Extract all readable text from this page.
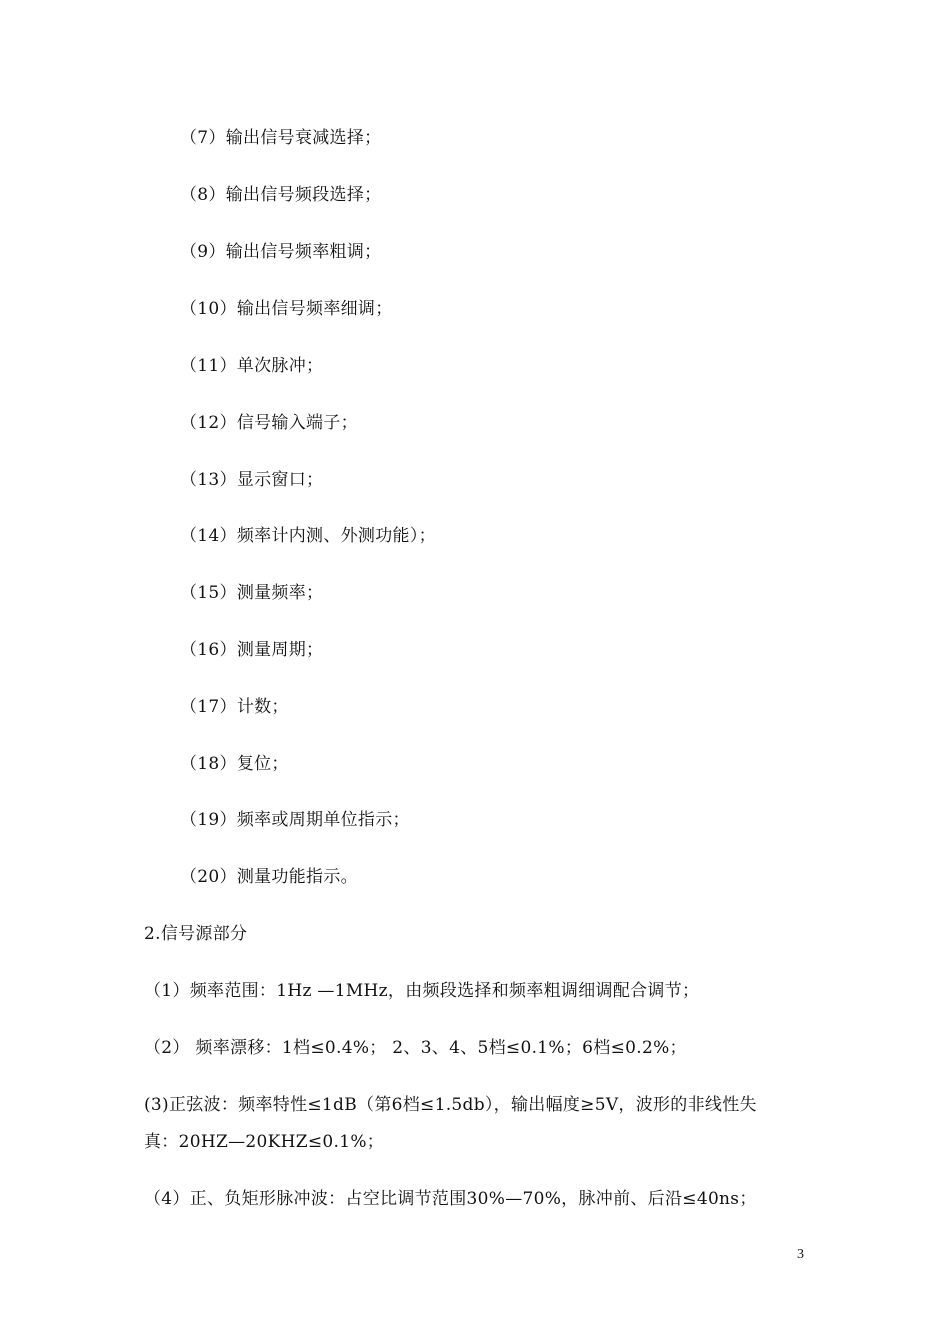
（7）输出信号衰减选择；
（8）输出信号频段选择；
（9）输出信号频率粗调；
（10）输出信号频率细调；
（11）单次脉冲；
（12）信号输入端子；
（13）显示窗口；
（14）频率计内测、外测功能）；
（15）测量频率；
（16）测量周期；
（17）计数；
（18）复位；
（19）频率或周期单位指示；
（20）测量功能指示。
2.信号源部分
（1）频率范围：1Hz —1MHz，由频段选择和频率粗调细调配合调节；
（2） 频率漂移：1档≤0.4%； 2、3、4、5档≤0.1%；6档≤0.2%；
(3)正弦波：频率特性≤1dB（第6档≤1.5db），输出幅度≥5V，波形的非线性失
真：20HZ—20KHZ≤0.1%；
（4）正、负矩形脉冲波：占空比调节范围30%—70%，脉冲前、后沿≤40ns；
3
